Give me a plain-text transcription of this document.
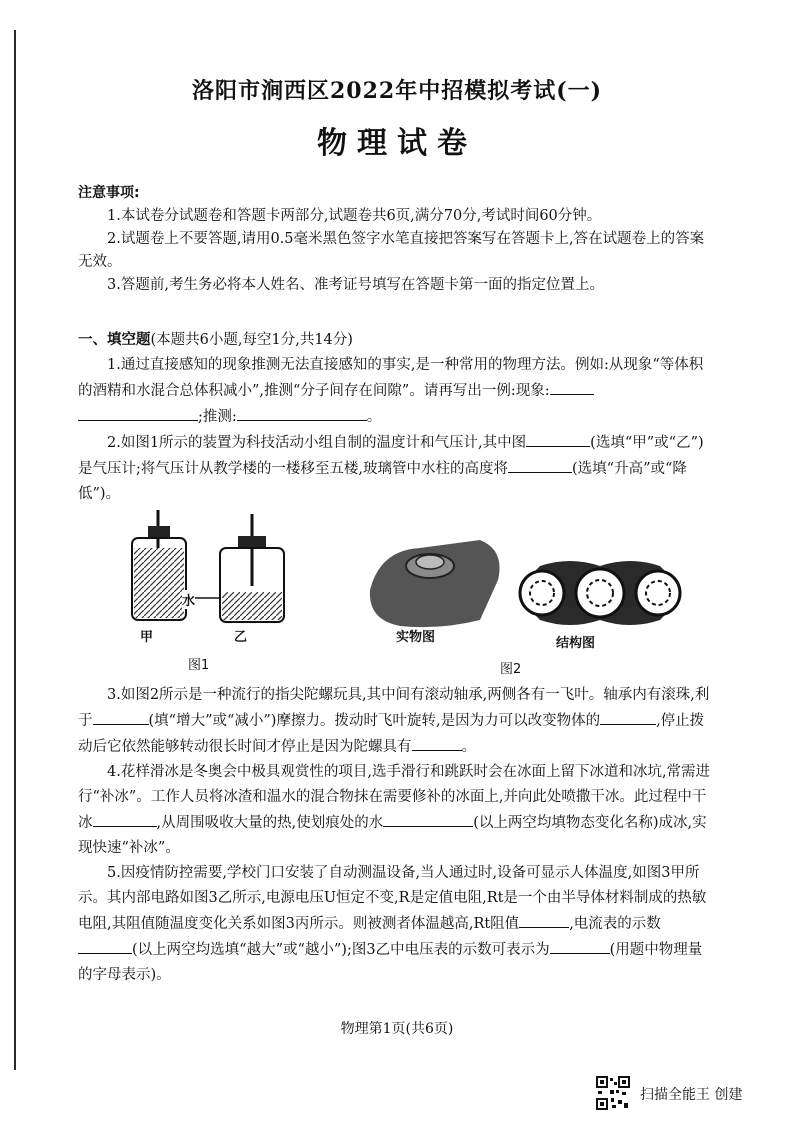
洛阳市涧西区2022年中招模拟考试(一)
物理试卷
注意事项:
1.本试卷分试题卷和答题卡两部分,试题卷共6页,满分70分,考试时间60分钟。
2.试题卷上不要答题,请用0.5毫米黑色签字水笔直接把答案写在答题卡上,答在试题卷上的答案无效。
3.答题前,考生务必将本人姓名、准考证号填写在答题卡第一面的指定位置上。
一、填空题(本题共6小题,每空1分,共14分)

1.通过直接感知的现象推测无法直接感知的事实,是一种常用的物理方法。例如:从现象“等体积的酒精和水混合总体积减小”,推测“分子间存在间隙”。请再写出一例:现象: ;推测:	。

2.如图1所示的装置为科技活动小组自制的温度计和气压计,其中图	(选填“甲”或“乙”)是气压计;将气压计从教学楼的一楼移至五楼,玻璃管中水柱的高度将	(选填“升高”或“降低”)。

水
甲	乙
图1
实物图	结构图
图2

3.如图2所示是一种流行的指尖陀螺玩具,其中间有滚动轴承,两侧各有一飞叶。轴承内有滚珠,利于	(填“增大”或“减小”)摩擦力。拨动时飞叶旋转,是因为力可以改变物体的	,停止拨动后它依然能够转动很长时间才停止是因为陀螺具有	。

4.花样滑冰是冬奥会中极具观赏性的项目,选手滑行和跳跃时会在冰面上留下冰道和冰坑,常需进行“补冰”。工作人员将冰渣和温水的混合物抹在需要修补的冰面上,并向此处喷撒干冰。此过程中干冰	,从周围吸收大量的热,使划痕处的水	(以上两空均填物态变化名称)成冰,实现快速“补冰”。

5.因疫情防控需要,学校门口安装了自动测温设备,当人通过时,设备可显示人体温度,如图3甲所示。其内部电路如图3乙所示,电源电压U恒定不变,R是定值电阻,Rt是一个由半导体材料制成的热敏电阻,其阻值随温度变化关系如图3丙所示。则被测者体温越高,Rt阻值	,电流表的示数(以上两空均选填“越大”或“越小”);图3乙中电压表的示数可表示为	(用题中物理量的字母表示)。

物理第1页(共6页)
扫描全能王 创建
